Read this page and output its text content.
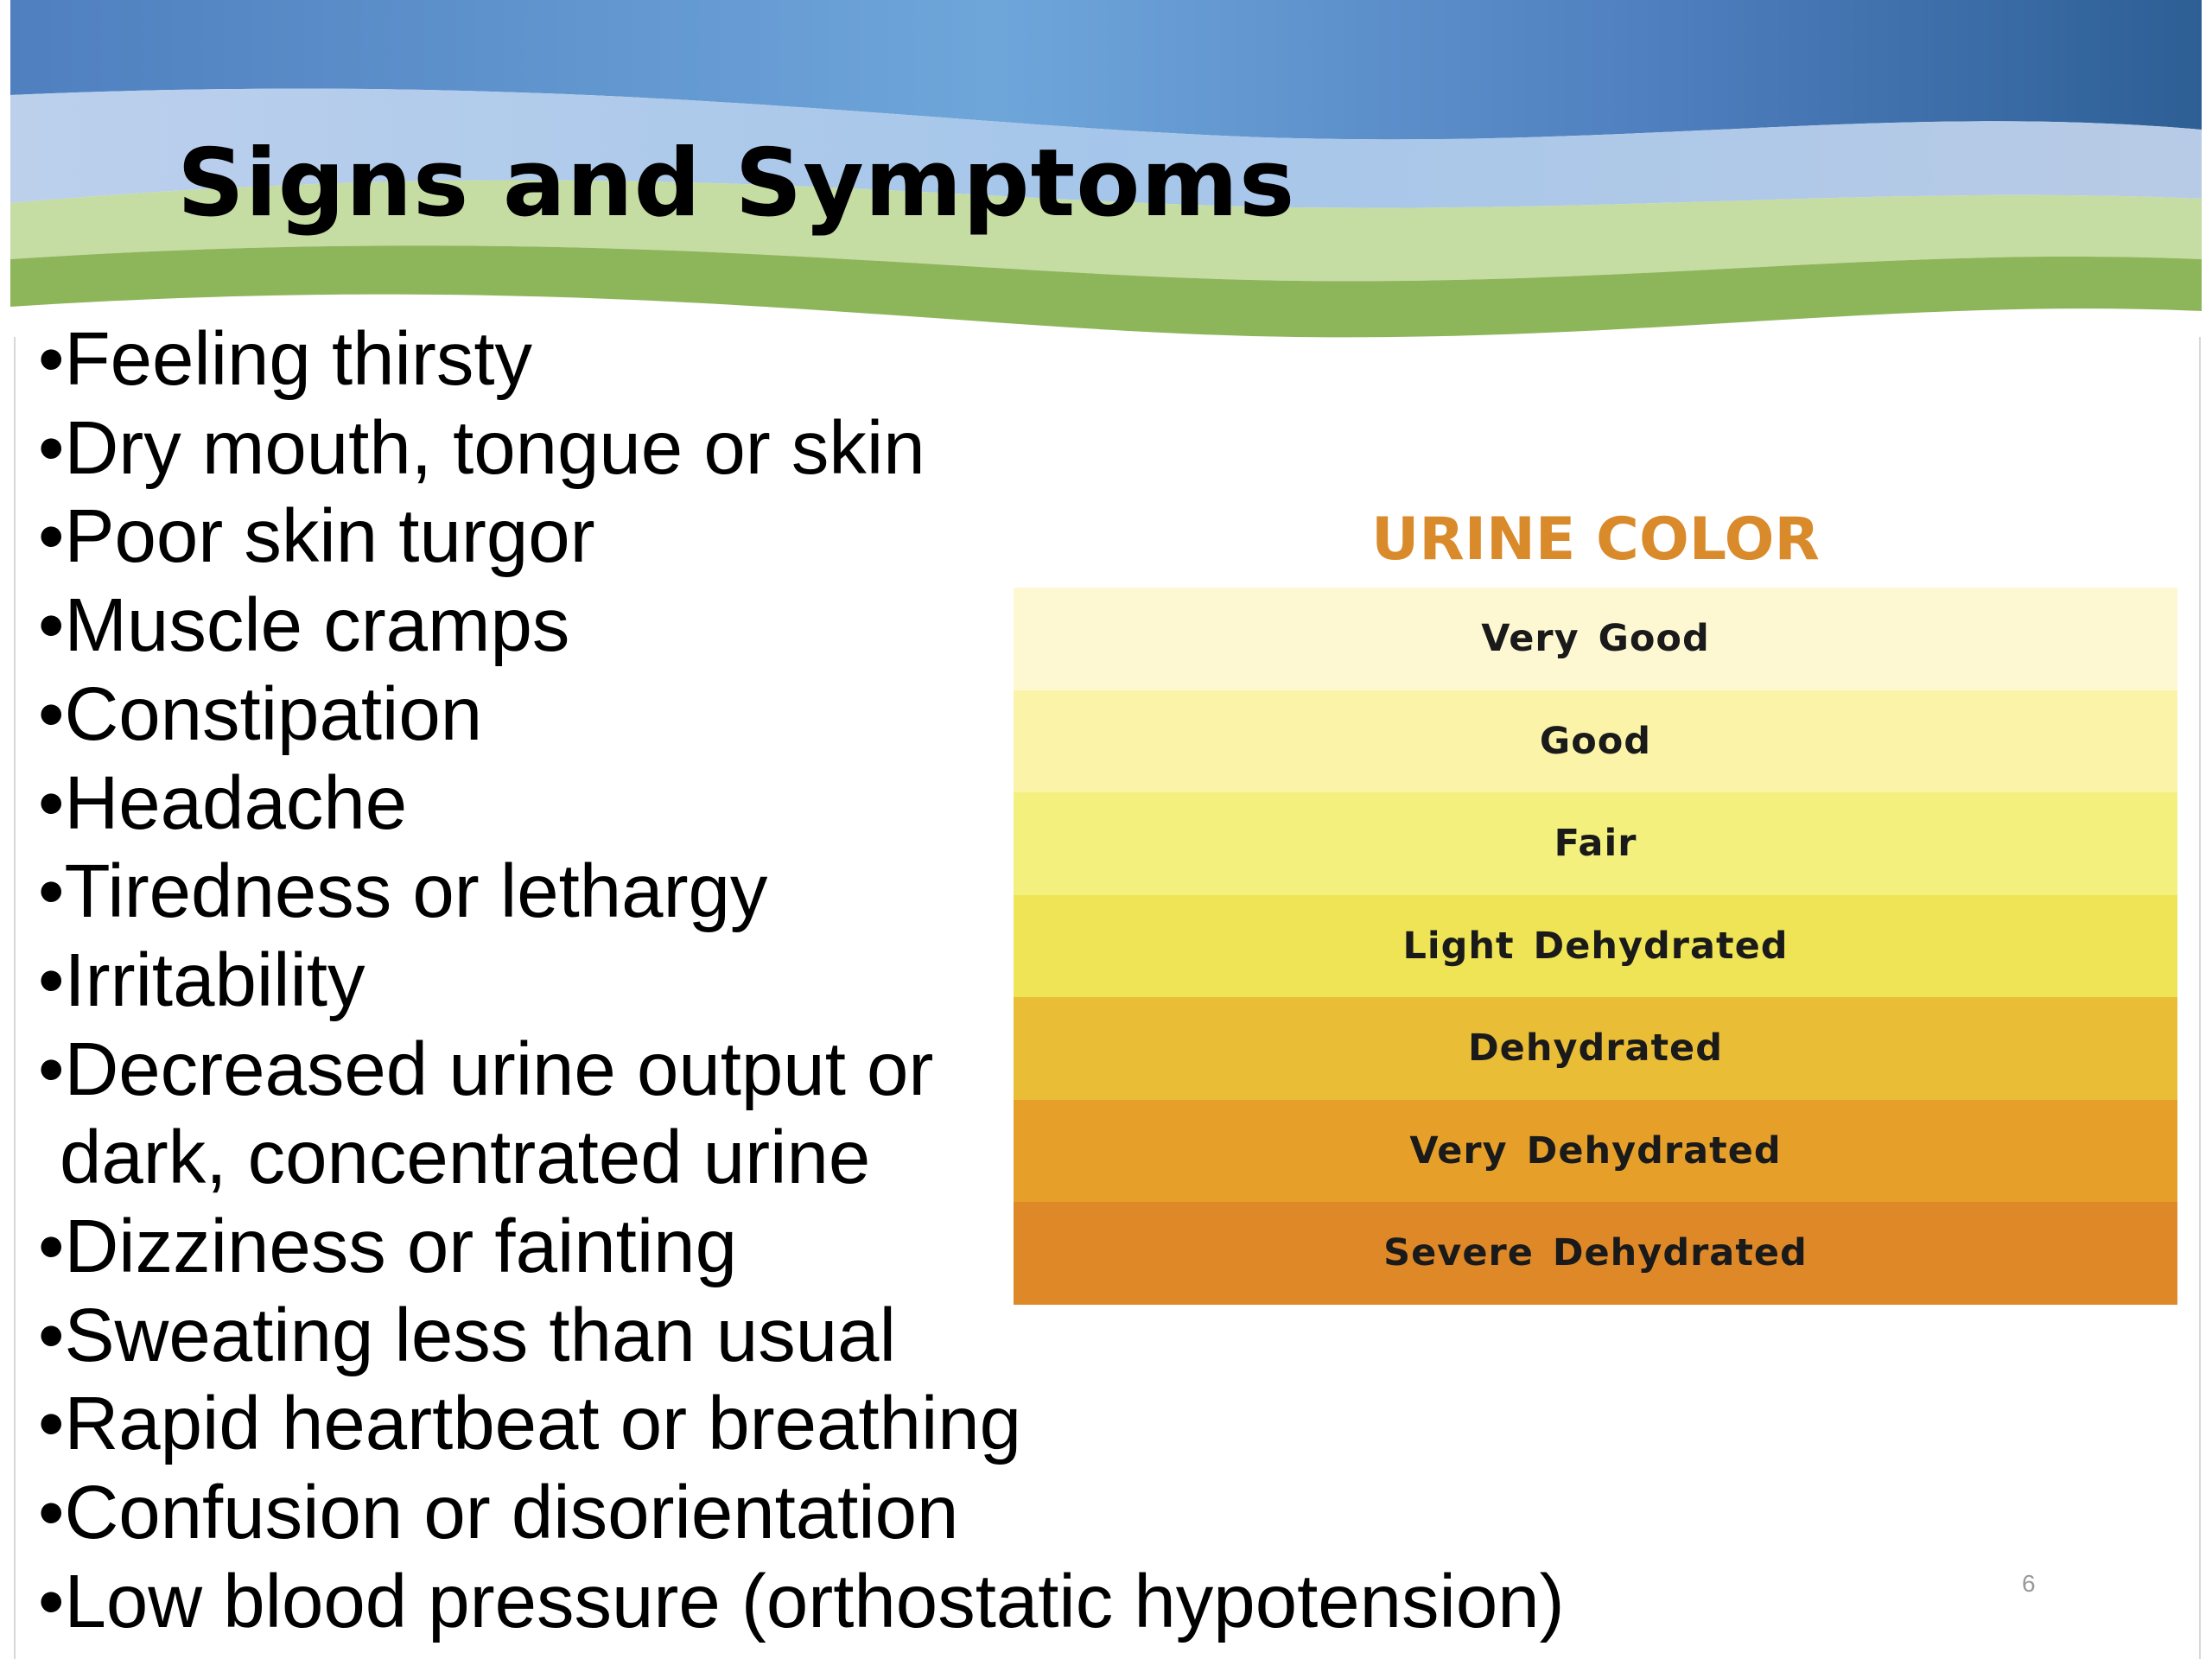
Signs and Symptoms
•Feeling thirsty
•Dry mouth, tongue or skin
•Poor skin turgor
•Muscle cramps
•Constipation
•Headache
•Tiredness or lethargy
•Irritability
•Decreased urine output or
dark, concentrated urine
•Dizziness or fainting
•Sweating less than usual
•Rapid heartbeat or breathing
•Confusion or disorientation
•Low blood pressure (orthostatic hypotension)
URINE COLOR
Very Good
Good
Fair
Light Dehydrated
Dehydrated
Very Dehydrated
Severe Dehydrated
6
